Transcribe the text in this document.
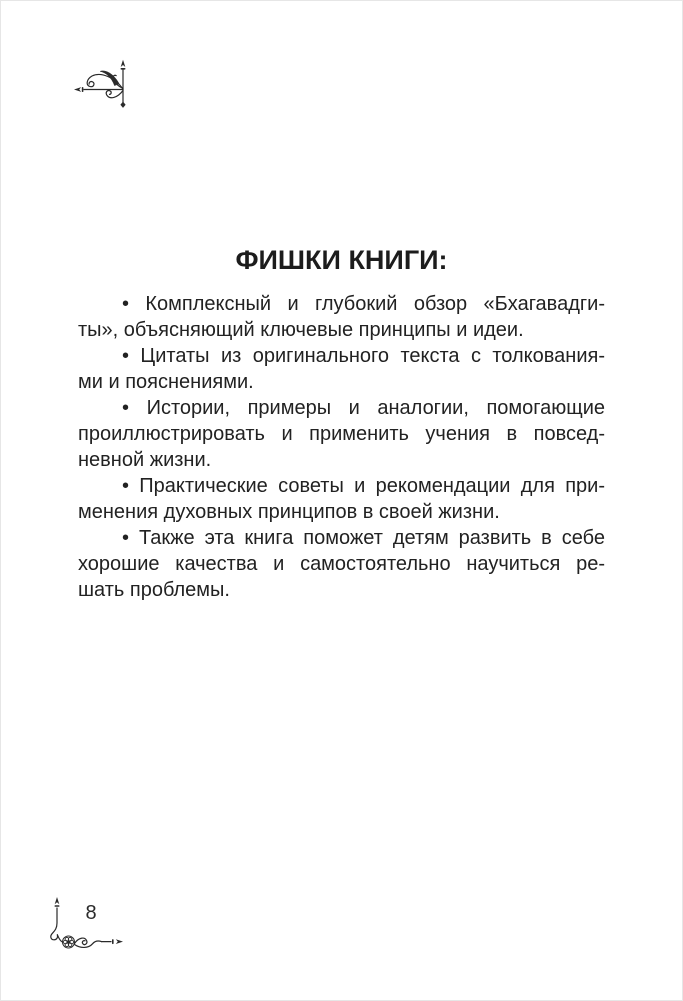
ФИШКИ КНИГИ:
• Комплексный и глубокий обзор «Бхагавадги-
ты», объясняющий ключевые принципы и идеи.
• Цитаты из оригинального текста с толкования-
ми и пояснениями.
• Истории, примеры и аналогии, помогающие
проиллюстрировать и применить учения в повсед-
невной жизни.
• Практические советы и рекомендации для при-
менения духовных принципов в своей жизни.
• Также эта книга поможет детям развить в себе
хорошие качества и самостоятельно научиться ре-
шать проблемы.
8
